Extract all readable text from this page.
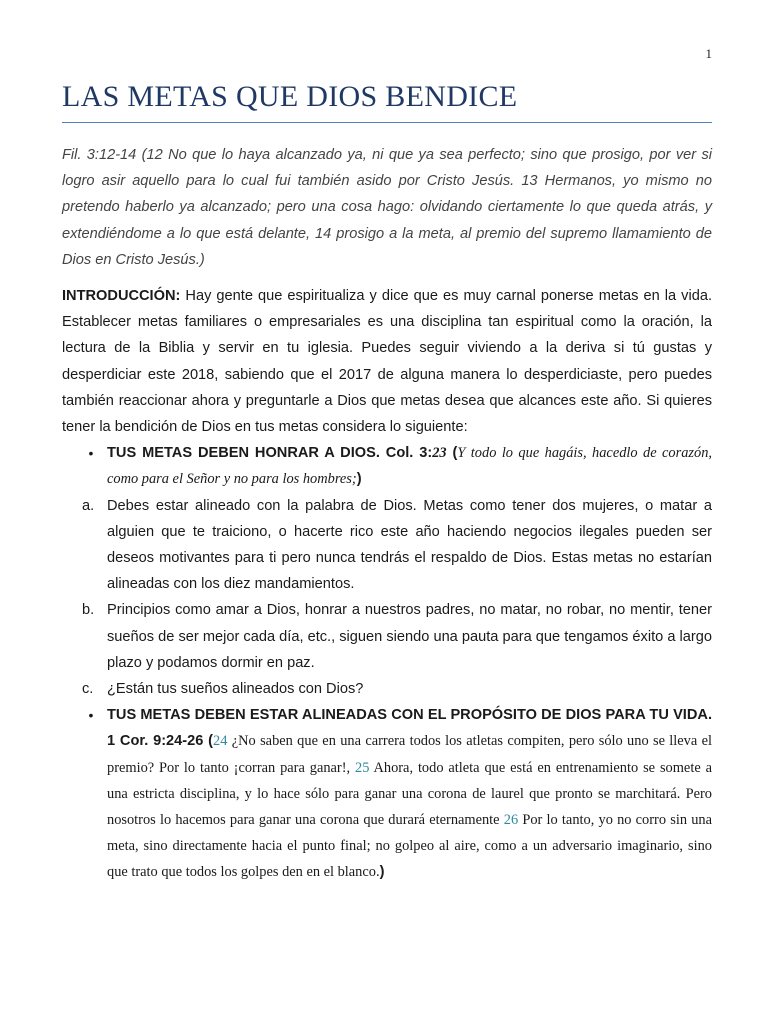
1
LAS METAS QUE DIOS BENDICE

Fil. 3:12-14 (12 No que lo haya alcanzado ya, ni que ya sea perfecto; sino que prosigo, por ver si logro asir aquello para lo cual fui también asido por Cristo Jesús. 13 Hermanos, yo mismo no pretendo haberlo ya alcanzado; pero una cosa hago: olvidando ciertamente lo que queda atrás, y extendiéndome a lo que está delante, 14 prosigo a la meta, al premio del supremo llamamiento de Dios en Cristo Jesús.)

INTRODUCCIÓN: Hay gente que espiritualiza y dice que es muy carnal ponerse metas en la vida. Establecer metas familiares o empresariales es una disciplina tan espiritual como la oración, la lectura de la Biblia y servir en tu iglesia. Puedes seguir viviendo a la deriva si tú gustas y desperdiciar este 2018, sabiendo que el 2017 de alguna manera lo desperdiciaste, pero puedes también reaccionar ahora y preguntarle a Dios que metas desea que alcances este año. Si quieres tener la bendición de Dios en tus metas considera lo siguiente:

• TUS METAS DEBEN HONRAR A DIOS. Col. 3:23 (Y todo lo que hagáis, hacedlo de corazón, como para el Señor y no para los hombres;)
a. Debes estar alineado con la palabra de Dios. Metas como tener dos mujeres, o matar a alguien que te traiciono, o hacerte rico este año haciendo negocios ilegales pueden ser deseos motivantes para ti pero nunca tendrás el respaldo de Dios. Estas metas no estarían alineadas con los diez mandamientos.
b. Principios como amar a Dios, honrar a nuestros padres, no matar, no robar, no mentir, tener sueños de ser mejor cada día, etc., siguen siendo una pauta para que tengamos éxito a largo plazo y podamos dormir en paz.
c. ¿Están tus sueños alineados con Dios?
• TUS METAS DEBEN ESTAR ALINEADAS CON EL PROPÓSITO DE DIOS PARA TU VIDA. 1 Cor. 9:24-26 (24 ¿No saben que en una carrera todos los atletas compiten, pero sólo uno se lleva el premio? Por lo tanto ¡corran para ganar!, 25 Ahora, todo atleta que está en entrenamiento se somete a una estricta disciplina, y lo hace sólo para ganar una corona de laurel que pronto se marchitará. Pero nosotros lo hacemos para ganar una corona que durará eternamente 26 Por lo tanto, yo no corro sin una meta, sino directamente hacia el punto final; no golpeo al aire, como a un adversario imaginario, sino que trato que todos los golpes den en el blanco.)
